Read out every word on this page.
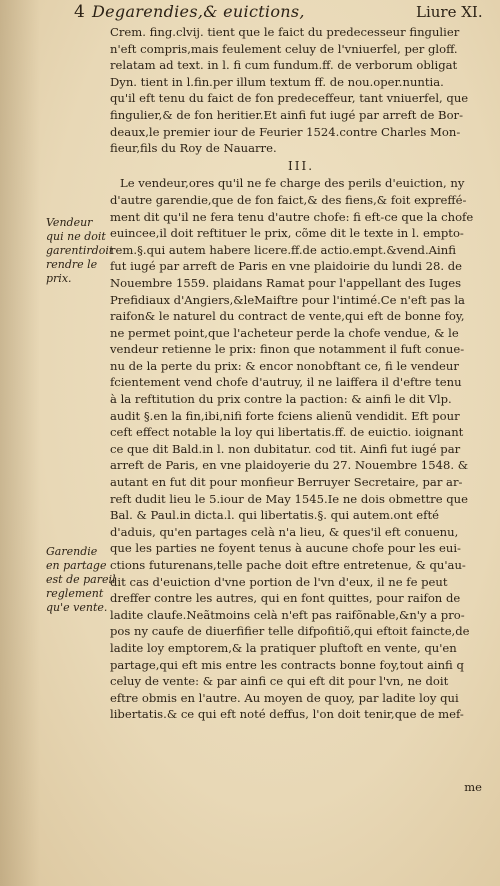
4 Degarendies,& euictions,	Liure XI.
Vendeur
qui ne doit
garentirdoit
rendre le
prix.
Garendie
en partage
est de pareil
reglement
qu'e vente.
Crem. fing.clvij. tient que le faict du predecesseur fingulier
n'eft compris,mais feulement celuy de l'vniuerfel, per gloff.
relatam ad text. in l. fi cum fundum.ff. de verborum obligat
Dyn. tient in l.fin.per illum textum ff. de nou.oper.nuntia.
qu'il eft tenu du faict de fon predeceffeur, tant vniuerfel, que
fingulier,& de fon heritier.Et ainfi fut iugé par arreft de Bor-
deaux,le premier iour de Feurier 1524.contre Charles Mon-
fieur,fils du Roy de Nauarre.
III.
Le vendeur,ores qu'il ne fe charge des perils d'euiction, ny
d'autre garendie,que de fon faict,& des fiens,& foit expreffé-
ment dit qu'il ne fera tenu d'autre chofe: fi eft-ce que la chofe
euincee,il doit reftituer le prix, cõme dit le texte in l. empto-
rem.§.qui autem habere licere.ff.de actio.empt.&vend.Ainfi
fut iugé par arreft de Paris en vne plaidoirie du lundi 28. de
Nouembre 1559. plaidans Ramat pour l'appellant des Iuges
Prefidiaux d'Angiers,&leMaiftre pour l'intimé.Ce n'eft pas la
raifon& le naturel du contract de vente,qui eft de bonne foy,
ne permet point,que l'acheteur perde la chofe vendue, & le
vendeur retienne le prix: finon que notamment il fuft conue-
nu de la perte du prix: & encor nonobftant ce, fi le vendeur
fcientement vend chofe d'autruy, il ne laiffera il d'eftre tenu
à la reftitution du prix contre la paction: & ainfi le dit Vlp.
audit §.en la fin,ibi,nifi forte fciens alienũ vendidit. Eft pour
ceft effect notable la loy qui libertatis.ff. de euictio. ioignant
ce que dit Bald.in l. non dubitatur. cod tit. Ainfi fut iugé par
arreft de Paris, en vne plaidoyerie du 27. Nouembre 1548. &
autant en fut dit pour monfieur Berruyer Secretaire, par ar-
reft dudit lieu le 5.iour de May 1545.Ie ne dois obmettre que
Bal. & Paul.in dicta.l. qui libertatis.§. qui autem.ont efté
d'aduis, qu'en partages celà n'a lieu, & ques'il eft conuenu,
que les parties ne foyent tenus à aucune chofe pour les eui-
ctions futurenans,telle pache doit eftre entretenue, & qu'au-
dit cas d'euiction d'vne portion de l'vn d'eux, il ne fe peut
dreffer contre les autres, qui en font quittes, pour raifon de
ladite claufe.Neãtmoins celà n'eft pas raifõnable,&n'y a pro-
pos ny caufe de diuerfifier telle difpofitiõ,qui eftoit faincte,de
ladite loy emptorem,& la pratiquer pluftoft en vente, qu'en
partage,qui eft mis entre les contracts bonne foy,tout ainfi q
celuy de vente: & par ainfi ce qui eft dit pour l'vn, ne doit
eftre obmis en l'autre. Au moyen de quoy, par ladite loy qui
libertatis.& ce qui eft noté deffus, l'on doit tenir,que de mef-
me
